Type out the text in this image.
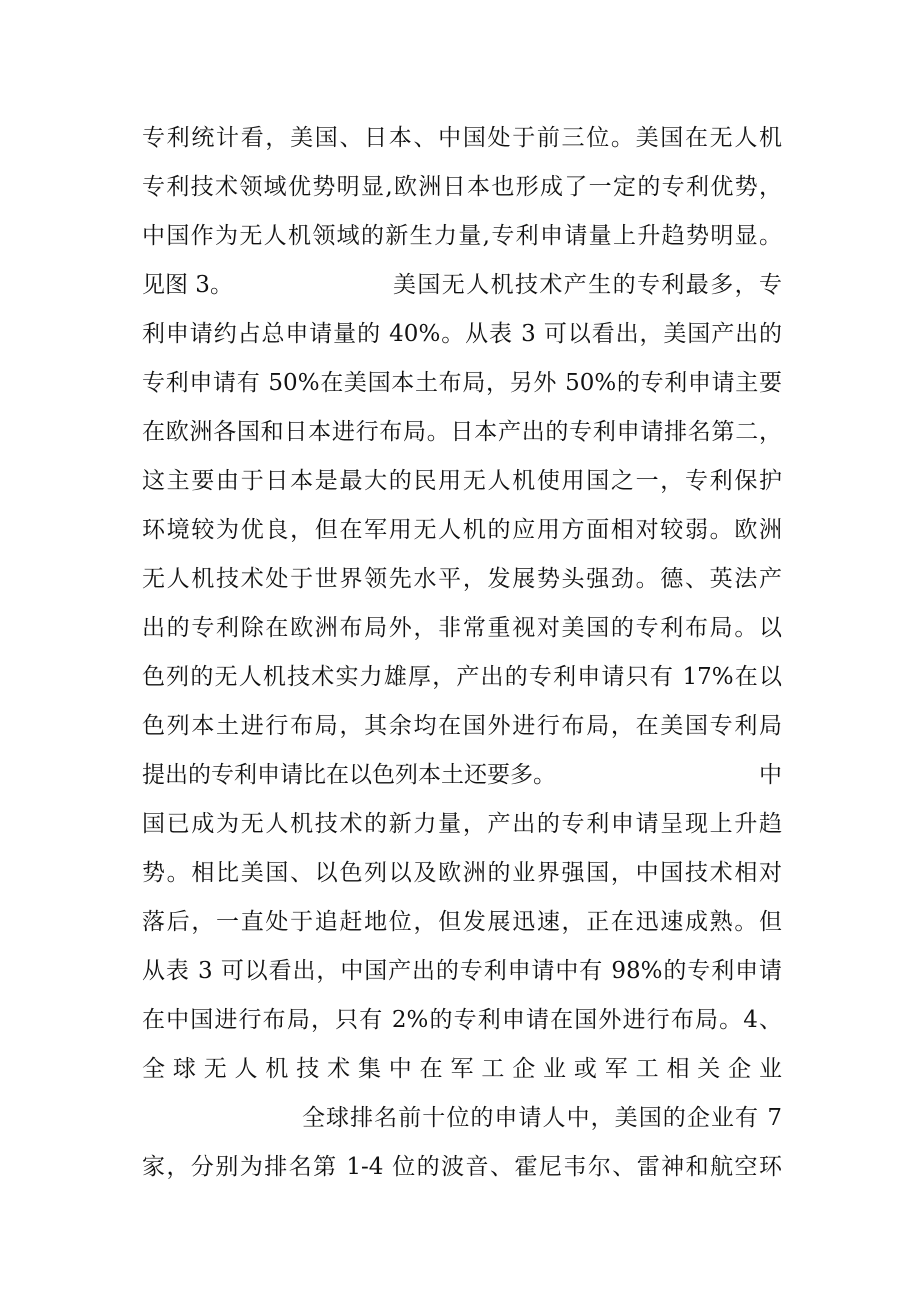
专利统计看，美国、日本、中国处于前三位。美国在无人机
专利技术领域优势明显,欧洲日本也形成了一定的专利优势，
中国作为无人机领域的新生力量,专利申请量上升趋势明显。
见图 3。	美国无人机技术产生的专利最多，专
利申请约占总申请量的 40%。从表 3 可以看出，美国产出的
专利申请有 50%在美国本土布局，另外 50%的专利申请主要
在欧洲各国和日本进行布局。日本产出的专利申请排名第二，
这主要由于日本是最大的民用无人机使用国之一，专利保护
环境较为优良，但在军用无人机的应用方面相对较弱。欧洲
无人机技术处于世界领先水平，发展势头强劲。德、英法产
出的专利除在欧洲布局外，非常重视对美国的专利布局。以
色列的无人机技术实力雄厚，产出的专利申请只有 17%在以
色列本土进行布局，其余均在国外进行布局，在美国专利局
提出的专利申请比在以色列本土还要多。	中
国已成为无人机技术的新力量，产出的专利申请呈现上升趋
势。相比美国、以色列以及欧洲的业界强国，中国技术相对
落后，一直处于追赶地位，但发展迅速，正在迅速成熟。但
从表 3 可以看出，中国产出的专利申请中有 98%的专利申请
在中国进行布局，只有 2%的专利申请在国外进行布局。4、
全球无人机技术集中在军工企业或军工相关企业
全球排名前十位的申请人中，美国的企业有 7
家，分别为排名第 1-4 位的波音、霍尼韦尔、雷神和航空环
